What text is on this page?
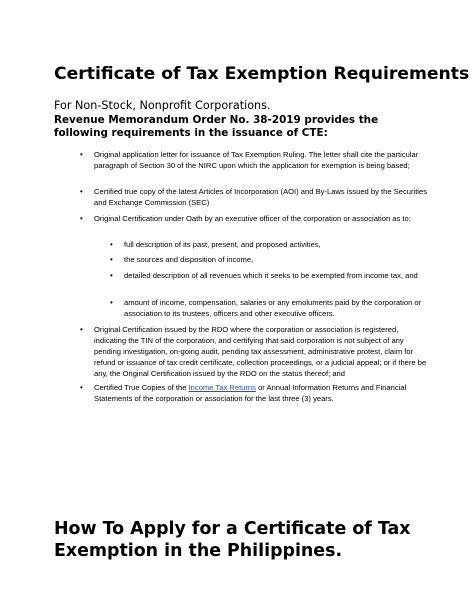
Certificate of Tax Exemption Requirements

For Non-Stock, Nonprofit Corporations.

Revenue Memorandum Order No. 38-2019 provides the following requirements in the issuance of CTE:

• Original application letter for issuance of Tax Exemption Ruling. The letter shall cite the particular paragraph of Section 30 of the NIRC upon which the application for exemption is being based;
• Certified true copy of the latest Articles of Incorporation (AOI) and By-Laws issued by the Securities and Exchange Commission (SEC)
• Original Certification under Oath by an executive officer of the corporation or association as to:
• full description of its past, present, and proposed activities,
• the sources and disposition of income,
• detailed description of all revenues which it seeks to be exempted from income tax, and
• amount of income, compensation, salaries or any emoluments paid by the corporation or association to its trustees, officers and other executive officers.
• Original Certification issued by the RDO where the corporation or association is registered, indicating the TIN of the corporation, and certifying that said corporation is not subject of any pending investigation, on-going audit, pending tax assessment, administrative protest, claim for refund or issuance of tax credit certificate, collection proceedings, or a judicial appeal; or if there be any, the Original Certification issued by the RDO on the status thereof; and
• Certified True Copies of the Income Tax Returns or Annual Information Returns and Financial Statements of the corporation or association for the last three (3) years.
How To Apply for a Certificate of Tax Exemption in the Philippines.
